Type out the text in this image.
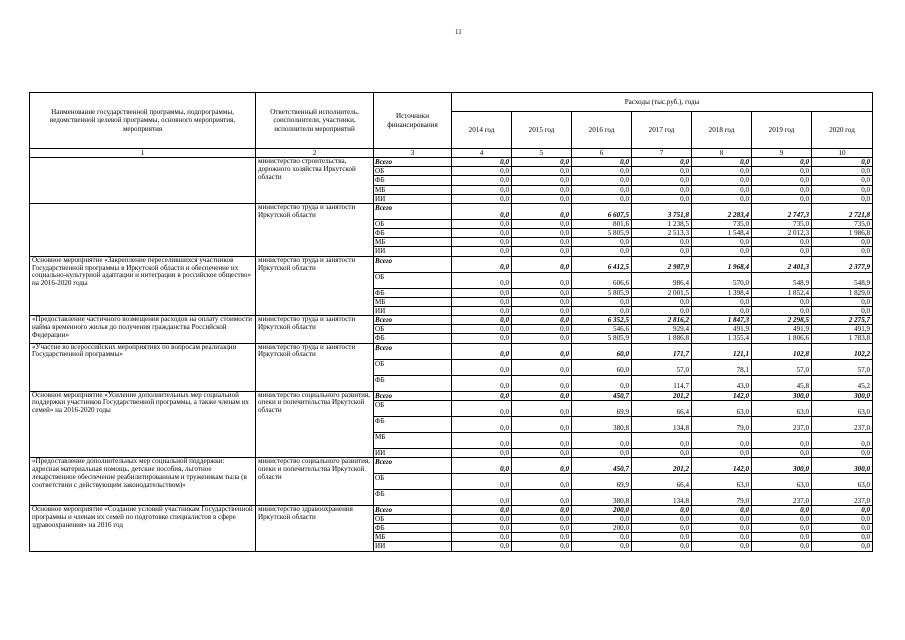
11
Наименование государственной программы, подпрограммы, ведомственной целевой программы, основного мероприятия, мероприятия	Ответственный исполнитель, соисполнители, участники, исполнители мероприятий	Источники финансирования	Расходы (тыс.руб.), годы						
			2014 год	2015 год	2016 год	2017 год	2018 год	2019 год	2020 год
1	2	3	4	5	6	7	8	9	10
	министерство строительства, дорожного хозяйства Иркутской области	Всего	0,0	0,0	0,0	0,0	0,0	0,0	0,0
		ОБ	0,0	0,0	0,0	0,0	0,0	0,0	0,0
		ФБ	0,0	0,0	0,0	0,0	0,0	0,0	0,0
		МБ	0,0	0,0	0,0	0,0	0,0	0,0	0,0
		ИИ	0,0	0,0	0,0	0,0	0,0	0,0	0,0
	министерство труда и занятости Иркутской области	Всего	0,0	0,0	6 607,5	3 751,8	2 283,4	2 747,3	2 721,8
		ОБ	0,0	0,0	801,6	1 238,5	735,0	735,0	735,0
		ФБ	0,0	0,0	5 805,9	2 513,3	1 548,4	2 012,3	1 986,8
		МБ	0,0	0,0	0,0	0,0	0,0	0,0	0,0
		ИИ	0,0	0,0	0,0	0,0	0,0	0,0	0,0
Основное мероприятие «Закрепление переселившихся участников Государственной программы в Иркутской области и обеспечение их социально-культурной адаптации и интеграции в российское общество» на 2016-2020 годы	министерство труда и занятости Иркутской области	Всего	0,0	0,0	6 412,5	2 987,9	1 968,4	2 401,3	2 377,9
		ОБ	0,0	0,0	606,6	986,4	570,0	548,9	548,9
		ФБ	0,0	0,0	5 805,9	2 001,5	1 398,4	1 852,4	1 829,0
		МБ	0,0	0,0	0,0	0,0	0,0	0,0	0,0
		ИИ	0,0	0,0	0,0	0,0	0,0	0,0	0,0
«Предоставление частичного возмещения расходов на оплату стоимости найма временного жилья до получения гражданства Российской Федерации»	министерство труда и занятости Иркутской области	Всего	0,0	0,0	6 352,5	2 816,2	1 847,3	2 298,5	2 275,7
		ОБ	0,0	0,0	546,6	929,4	491,9	491,9	491,9
		ФБ	0,0	0,0	5 805,9	1 886,8	1 355,4	1 806,6	1 783,8
«Участие во всероссийских мероприятиях по вопросам реализации Государственной программы»	министерство труда и занятости Иркутской области	Всего	0,0	0,0	60,0	171,7	121,1	102,8	102,2
		ОБ	0,0	0,0	60,0	57,0	78,1	57,0	57,0
		ФБ	0,0	0,0	0,0	114,7	43,0	45,8	45,2
Основное мероприятие «Усиление дополнительных мер социальной поддержки участников Государственной программы, а также членам их семей» на 2016-2020 годы	министерство социального развития, опеки и попечительства Иркутской области	Всего	0,0	0,0	450,7	201,2	142,0	300,0	300,0
		ОБ	0,0	0,0	69,9	66,4	63,0	63,0	63,0
		ФБ	0,0	0,0	380,8	134,8	79,0	237,0	237,0
		МБ	0,0	0,0	0,0	0,0	0,0	0,0	0,0
		ИИ	0,0	0,0	0,0	0,0	0,0	0,0	0,0
«Предоставление дополнительных мер социальной поддержки: адресная материальная помощь, детские пособия, льготное лекарственное обеспечение реабилитированным и труженикам тыла (в соответствии с действующим законодательством)»	министерство социального развития, опеки и попечительства Иркутской области	Всего	0,0	0,0	450,7	201,2	142,0	300,0	300,0
		ОБ	0,0	0,0	69,9	66,4	63,0	63,0	63,0
		ФБ	0,0	0,0	380,8	134,8	79,0	237,0	237,0
Основное мероприятие «Создание условий участникам Государственной программы и членам их семей по подготовке специалистов в сфере здравоохранения» на 2016 год	министерство здравоохранения Иркутской области	Всего	0,0	0,0	200,0	0,0	0,0	0,0	0,0
		ОБ	0,0	0,0	0,0	0,0	0,0	0,0	0,0
		ФБ	0,0	0,0	200,0	0,0	0,0	0,0	0,0
		МБ	0,0	0,0	0,0	0,0	0,0	0,0	0,0
		ИИ	0,0	0,0	0,0	0,0	0,0	0,0	0,0
